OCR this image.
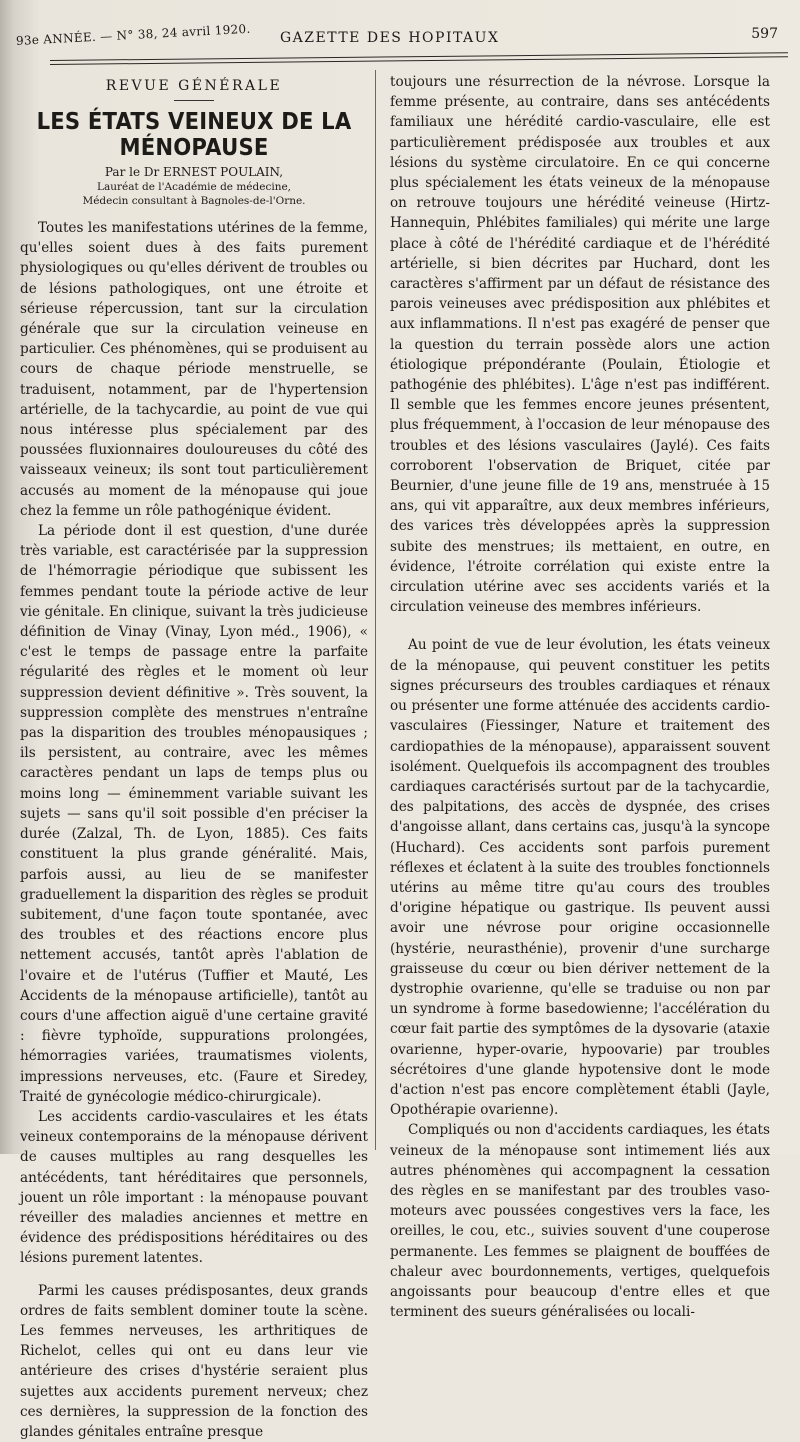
93e ANNÉE. — N° 38, 24 avril 1920. GAZETTE DES HOPITAUX	597
REVUE GÉNÉRALE
LES ÉTATS VEINEUX DE LA MÉNOPAUSE
Par le Dr ERNEST POULAIN,
Lauréat de l'Académie de médecine,
Médecin consultant à Bagnoles-de-l'Orne.

Toutes les manifestations utérines de la femme, qu'elles soient dues à des faits purement physiologiques ou qu'elles dérivent de troubles ou de lésions pathologiques, ont une étroite et sérieuse répercussion, tant sur la circulation générale que sur la circulation veineuse en particulier. Ces phénomènes, qui se produisent au cours de chaque période menstruelle, se traduisent, notamment, par de l'hypertension artérielle, de la tachycardie, au point de vue qui nous intéresse plus spécialement par des poussées fluxionnaires douloureuses du côté des vaisseaux veineux; ils sont tout particulièrement accusés au moment de la ménopause qui joue chez la femme un rôle pathogénique évident.

La période dont il est question, d'une durée très variable, est caractérisée par la suppression de l'hémorragie périodique que subissent les femmes pendant toute la période active de leur vie génitale. En clinique, suivant la très judicieuse définition de Vinay (Vinay, Lyon méd., 1906), « c'est le temps de passage entre la parfaite régularité des règles et le moment où leur suppression devient définitive ». Très souvent, la suppression complète des menstrues n'entraîne pas la disparition des troubles ménopausiques ; ils persistent, au contraire, avec les mêmes caractères pendant un laps de temps plus ou moins long — éminemment variable suivant les sujets — sans qu'il soit possible d'en préciser la durée (Zalzal, Th. de Lyon, 1885). Ces faits constituent la plus grande généralité. Mais, parfois aussi, au lieu de se manifester graduellement la disparition des règles se produit subitement, d'une façon toute spontanée, avec des troubles et des réactions encore plus nettement accusés, tantôt après l'ablation de l'ovaire et de l'utérus (Tuffier et Mauté, Les Accidents de la ménopause artificielle), tantôt au cours d'une affection aiguë d'une certaine gravité : fièvre typhoïde, suppurations prolongées, hémorragies variées, traumatismes violents, impressions nerveuses, etc. (Faure et Siredey, Traité de gynécologie médico-chirurgicale).

Les accidents cardio-vasculaires et les états veineux contemporains de la ménopause dérivent de causes multiples au rang desquelles les antécédents, tant héréditaires que personnels, jouent un rôle important : la ménopause pouvant réveiller des maladies anciennes et mettre en évidence des prédispositions héréditaires ou des lésions purement latentes.

Parmi les causes prédisposantes, deux grands ordres de faits semblent dominer toute la scène. Les femmes nerveuses, les arthritiques de Richelot, celles qui ont eu dans leur vie antérieure des crises d'hystérie seraient plus sujettes aux accidents purement nerveux; chez ces dernières, la suppression de la fonction des glandes génitales entraîne presque

toujours une résurrection de la névrose. Lorsque la femme présente, au contraire, dans ses antécédents familiaux une hérédité cardio-vasculaire, elle est particulièrement prédisposée aux troubles et aux lésions du système circulatoire. En ce qui concerne plus spécialement les états veineux de la ménopause on retrouve toujours une hérédité veineuse (Hirtz-Hannequin, Phlébites familiales) qui mérite une large place à côté de l'hérédité cardiaque et de l'hérédité artérielle, si bien décrites par Huchard, dont les caractères s'affirment par un défaut de résistance des parois veineuses avec prédisposition aux phlébites et aux inflammations. Il n'est pas exagéré de penser que la question du terrain possède alors une action étiologique prépondérante (Poulain, Étiologie et pathogénie des phlébites). L'âge n'est pas indifférent. Il semble que les femmes encore jeunes présentent, plus fréquemment, à l'occasion de leur ménopause des troubles et des lésions vasculaires (Jaylé). Ces faits corroborent l'observation de Briquet, citée par Beurnier, d'une jeune fille de 19 ans, menstruée à 15 ans, qui vit apparaître, aux deux membres inférieurs, des varices très développées après la suppression subite des menstrues; ils mettaient, en outre, en évidence, l'étroite corrélation qui existe entre la circulation utérine avec ses accidents variés et la circulation veineuse des membres inférieurs.

Au point de vue de leur évolution, les états veineux de la ménopause, qui peuvent constituer les petits signes précurseurs des troubles cardiaques et rénaux ou présenter une forme atténuée des accidents cardio-vasculaires (Fiessinger, Nature et traitement des cardiopathies de la ménopause), apparaissent souvent isolément. Quelquefois ils accompagnent des troubles cardiaques caractérisés surtout par de la tachycardie, des palpitations, des accès de dyspnée, des crises d'angoisse allant, dans certains cas, jusqu'à la syncope (Huchard). Ces accidents sont parfois purement réflexes et éclatent à la suite des troubles fonctionnels utérins au même titre qu'au cours des troubles d'origine hépatique ou gastrique. Ils peuvent aussi avoir une névrose pour origine occasionnelle (hystérie, neurasthénie), provenir d'une surcharge graisseuse du cœur ou bien dériver nettement de la dystrophie ovarienne, qu'elle se traduise ou non par un syndrome à forme basedowienne; l'accélération du cœur fait partie des symptômes de la dysovarie (ataxie ovarienne, hyper-ovarie, hypoovarie) par troubles sécrétoires d'une glande hypotensive dont le mode d'action n'est pas encore complètement établi (Jayle, Opothérapie ovarienne).

Compliqués ou non d'accidents cardiaques, les états veineux de la ménopause sont intimement liés aux autres phénomènes qui accompagnent la cessation des règles en se manifestant par des troubles vaso-moteurs avec poussées congestives vers la face, les oreilles, le cou, etc., suivies souvent d'une couperose permanente. Les femmes se plaignent de bouffées de chaleur avec bourdonnements, vertiges, quelquefois angoissants pour beaucoup d'entre elles et que terminent des sueurs généralisées ou locali-
